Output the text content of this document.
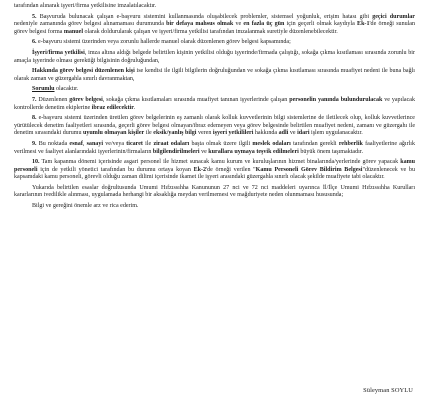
tarafından alınarak işyeri/firma yetkilisine imzalatılacaktır.

5. Başvuruda bulunacak çalışan e-başvuru sistemini kullanmasında oluşabilecek problemler, sistemsel yoğunluk, erişim hatası gibi geçici durumlar nedeniyle zamanında görev belgesi alınamaması durumunda bir defaya mahsus olmak ve en fazla üç gün için geçerli olmak kaydıyla Ek-1'de örneği sunulan görev belgesi forma manuel olarak doldurularak çalışan ve işyeri/firma yetkilisi tarafından imzalanmak suretiyle düzenlenebilecektir.

6. e-başvuru sistemi üzerinden veya zorunlu hallerde manuel olarak düzenlenen görev belgesi kapsamında;

İşyeri/firma yetkilisi, imza altına aldığı belgede belirtilen kişinin yetkilisi olduğu işyerinde/firmada çalıştığı, sokağa çıkma kısıtlaması sırasında zorunlu bir amaçla işyerinde olması gerektiği bilgisinin doğruluğundan,

Hakkında görev belgesi düzenlenen kişi ise kendisi ile ilgili bilgilerin doğruluğundan ve sokağa çıkma kısıtlaması sırasında muafiyet nedeni ile buna bağlı olarak zaman ve güzergahla sınırlı davranmaktan,

Sorumlu olacaktır.

7. Düzenlenen görev belgesi, sokağa çıkma kısıtlamaları sırasında muafiyet tanınan işyerlerinde çalışan personelin yanında bulundurulacak ve yapılacak kontrollerde denetim ekiplerine ibraz edilecektir.

8. e-başvuru sistemi üzerinden üretilen görev belgelerinin eş zamanlı olarak kolluk kuvvetlerinin bilgi sistemlerine de iletilecek olup, kolluk kuvvetlerince yürütülecek denetim faaliyetleri sırasında, geçerli görev belgesi olmayan/ibraz edemeyen veya görev belgesinde belirtilen muafiyet nedeni, zamanı ve güzergahı ile denetim sırasındaki durumu uyumlu olmayan kişiler ile eksik/yanlış bilgi veren işyeri yetkilileri hakkında adli ve idari işlem uygulanacaktır.

9. Bu noktada esnaf, sanayi ve/veya ticaret ile ziraat odaları başta olmak üzere ilgili meslek odaları tarafından gerekli rehberlik faaliyetlerine ağırlık verilmesi ve faaliyet alanlarındaki işyerlerinin/firmaların bilgilendirilmeleri ve kurallara uymaya teşvik edilmeleri büyük önem taşımaktadır.

10. Tam kapanma dönemi içerisinde asgari personel ile hizmet sunacak kamu kurum ve kuruluşlarının hizmet binalarında/yerlerinde görev yapacak kamu personeli için de yetkili yönetici tarafından bu durumu ortaya koyan Ek-2'de örneği verilen "Kamu Personeli Görev Bildirim Belgesi"düzenlenecek ve bu kapsamdaki kamu personeli, görevli olduğu zaman dilimi içerisinde ikamet ile işyeri arasındaki güzergahla sınırlı olacak şekilde muafiyete tabi olacaktır.

Yukarıda belirtilen esaslar doğrultusunda Umumi Hıfzıssıhha Kanununun 27 nci ve 72 nci maddeleri uyarınca İl/İlçe Umumi Hıfzıssıhha Kurulları kararlarının ivedilikle alınması, uygulamada herhangi bir aksaklığa meydan verilmemesi ve mağduriyete neden olunmaması hususunda;

Bilgi ve gereğini önemle arz ve rica ederim.

Süleyman SOYLU
